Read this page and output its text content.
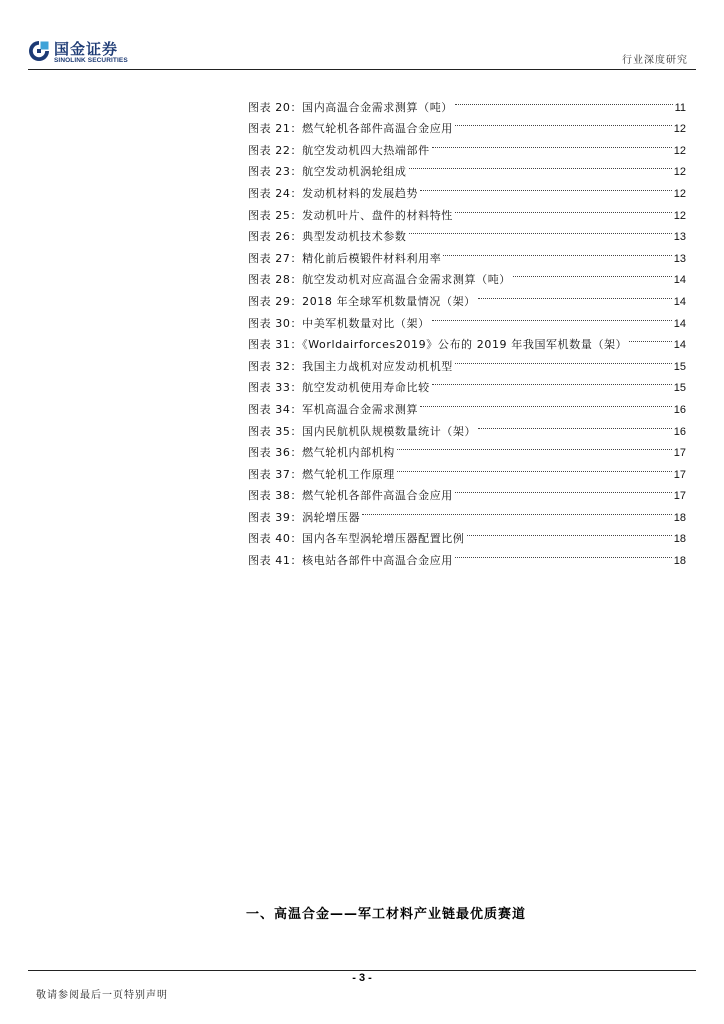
国金证券
SINOLINK SECURITIES	行业深度研究
图表 20：国内高温合金需求测算（吨）	11
图表 21：燃气轮机各部件高温合金应用	12
图表 22：航空发动机四大热端部件	12
图表 23：航空发动机涡轮组成	12
图表 24：发动机材料的发展趋势	12
图表 25：发动机叶片、盘件的材料特性	12
图表 26：典型发动机技术参数	13
图表 27：精化前后模锻件材料利用率	13
图表 28：航空发动机对应高温合金需求测算（吨）	14
图表 29：2018 年全球军机数量情况（架）	14
图表 30：中美军机数量对比（架）	14
图表 31：《Worldairforces2019》公布的 2019 年我国军机数量（架）	14
图表 32：我国主力战机对应发动机机型	15
图表 33：航空发动机使用寿命比较	15
图表 34：军机高温合金需求测算	16
图表 35：国内民航机队规模数量统计（架）	16
图表 36：燃气轮机内部机构	17
图表 37：燃气轮机工作原理	17
图表 38：燃气轮机各部件高温合金应用	17
图表 39：涡轮增压器	18
图表 40：国内各车型涡轮增压器配置比例	18
图表 41：核电站各部件中高温合金应用	18
一、高温合金——军工材料产业链最优质赛道
- 3 -
敬请参阅最后一页特别声明
